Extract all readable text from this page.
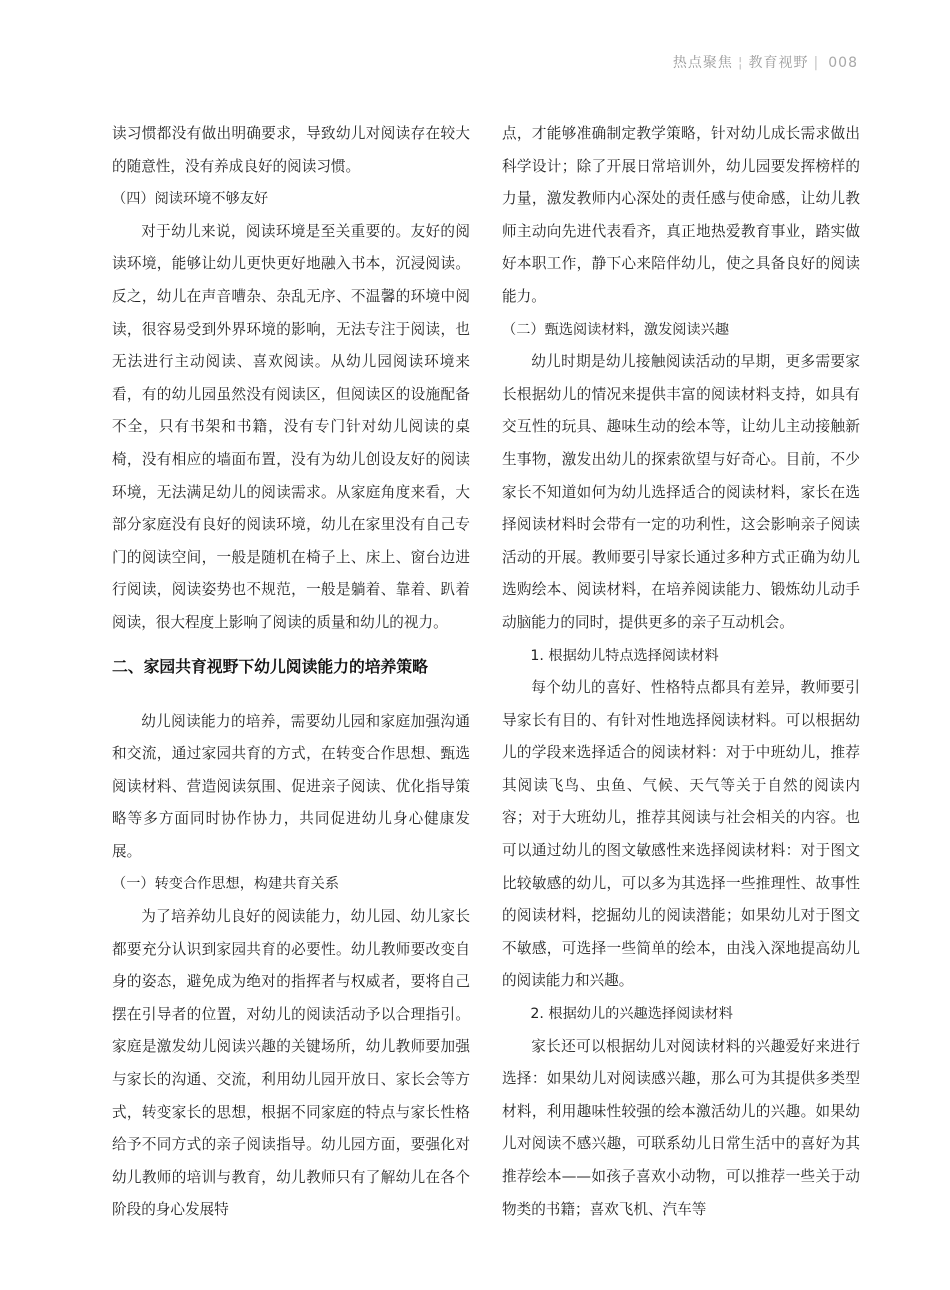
热点聚焦 ¦ 教育视野 | 008

读习惯都没有做出明确要求，导致幼儿对阅读存在较大的随意性，没有养成良好的阅读习惯。

（四）阅读环境不够友好

对于幼儿来说，阅读环境是至关重要的。友好的阅读环境，能够让幼儿更快更好地融入书本，沉浸阅读。反之，幼儿在声音嘈杂、杂乱无序、不温馨的环境中阅读，很容易受到外界环境的影响，无法专注于阅读，也无法进行主动阅读、喜欢阅读。从幼儿园阅读环境来看，有的幼儿园虽然没有阅读区，但阅读区的设施配备不全，只有书架和书籍，没有专门针对幼儿阅读的桌椅，没有相应的墙面布置，没有为幼儿创设友好的阅读环境，无法满足幼儿的阅读需求。从家庭角度来看，大部分家庭没有良好的阅读环境，幼儿在家里没有自己专门的阅读空间，一般是随机在椅子上、床上、窗台边进行阅读，阅读姿势也不规范，一般是躺着、靠着、趴着阅读，很大程度上影响了阅读的质量和幼儿的视力。

二、家园共育视野下幼儿阅读能力的培养策略

幼儿阅读能力的培养，需要幼儿园和家庭加强沟通和交流，通过家园共育的方式，在转变合作思想、甄选阅读材料、营造阅读氛围、促进亲子阅读、优化指导策略等多方面同时协作协力，共同促进幼儿身心健康发展。

（一）转变合作思想，构建共育关系

为了培养幼儿良好的阅读能力，幼儿园、幼儿家长都要充分认识到家园共育的必要性。幼儿教师要改变自身的姿态，避免成为绝对的指挥者与权威者，要将自己摆在引导者的位置，对幼儿的阅读活动予以合理指引。家庭是激发幼儿阅读兴趣的关键场所，幼儿教师要加强与家长的沟通、交流，利用幼儿园开放日、家长会等方式，转变家长的思想，根据不同家庭的特点与家长性格给予不同方式的亲子阅读指导。幼儿园方面，要强化对幼儿教师的培训与教育，幼儿教师只有了解幼儿在各个阶段的身心发展特

点，才能够准确制定教学策略，针对幼儿成长需求做出科学设计；除了开展日常培训外，幼儿园要发挥榜样的力量，激发教师内心深处的责任感与使命感，让幼儿教师主动向先进代表看齐，真正地热爱教育事业，踏实做好本职工作，静下心来陪伴幼儿，使之具备良好的阅读能力。

（二）甄选阅读材料，激发阅读兴趣

幼儿时期是幼儿接触阅读活动的早期，更多需要家长根据幼儿的情况来提供丰富的阅读材料支持，如具有交互性的玩具、趣味生动的绘本等，让幼儿主动接触新生事物，激发出幼儿的探索欲望与好奇心。目前，不少家长不知道如何为幼儿选择适合的阅读材料，家长在选择阅读材料时会带有一定的功利性，这会影响亲子阅读活动的开展。教师要引导家长通过多种方式正确为幼儿选购绘本、阅读材料，在培养阅读能力、锻炼幼儿动手动脑能力的同时，提供更多的亲子互动机会。

1. 根据幼儿特点选择阅读材料

每个幼儿的喜好、性格特点都具有差异，教师要引导家长有目的、有针对性地选择阅读材料。可以根据幼儿的学段来选择适合的阅读材料：对于中班幼儿，推荐其阅读飞鸟、虫鱼、气候、天气等关于自然的阅读内容；对于大班幼儿，推荐其阅读与社会相关的内容。也可以通过幼儿的图文敏感性来选择阅读材料：对于图文比较敏感的幼儿，可以多为其选择一些推理性、故事性的阅读材料，挖掘幼儿的阅读潜能；如果幼儿对于图文不敏感，可选择一些简单的绘本，由浅入深地提高幼儿的阅读能力和兴趣。

2. 根据幼儿的兴趣选择阅读材料

家长还可以根据幼儿对阅读材料的兴趣爱好来进行选择：如果幼儿对阅读感兴趣，那么可为其提供多类型材料，利用趣味性较强的绘本激活幼儿的兴趣。如果幼儿对阅读不感兴趣，可联系幼儿日常生活中的喜好为其推荐绘本——如孩子喜欢小动物，可以推荐一些关于动物类的书籍；喜欢飞机、汽车等
